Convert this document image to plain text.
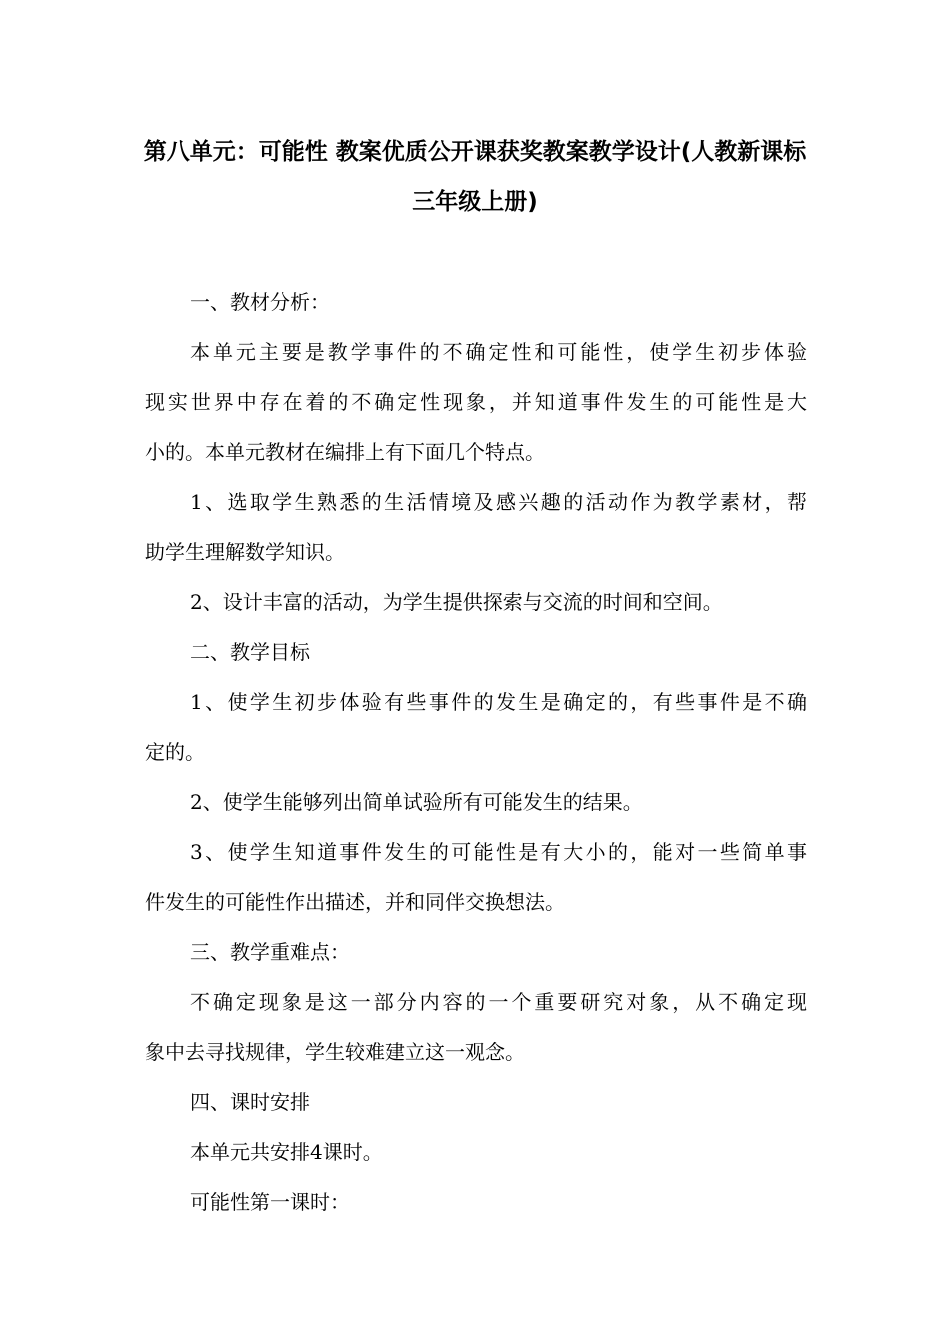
第八单元：可能性 教案优质公开课获奖教案教学设计(人教新课标
三年级上册)
一、教材分析：
本单元主要是教学事件的不确定性和可能性，使学生初步体验
现实世界中存在着的不确定性现象，并知道事件发生的可能性是大
小的。本单元教材在编排上有下面几个特点。
1、选取学生熟悉的生活情境及感兴趣的活动作为教学素材，帮
助学生理解数学知识。
2、设计丰富的活动，为学生提供探索与交流的时间和空间。
二、教学目标
1、使学生初步体验有些事件的发生是确定的，有些事件是不确
定的。
2、使学生能够列出简单试验所有可能发生的结果。
3、使学生知道事件发生的可能性是有大小的，能对一些简单事
件发生的可能性作出描述，并和同伴交换想法。
三、教学重难点：
不确定现象是这一部分内容的一个重要研究对象，从不确定现
象中去寻找规律，学生较难建立这一观念。
四、课时安排
本单元共安排4课时。
可能性第一课时：
